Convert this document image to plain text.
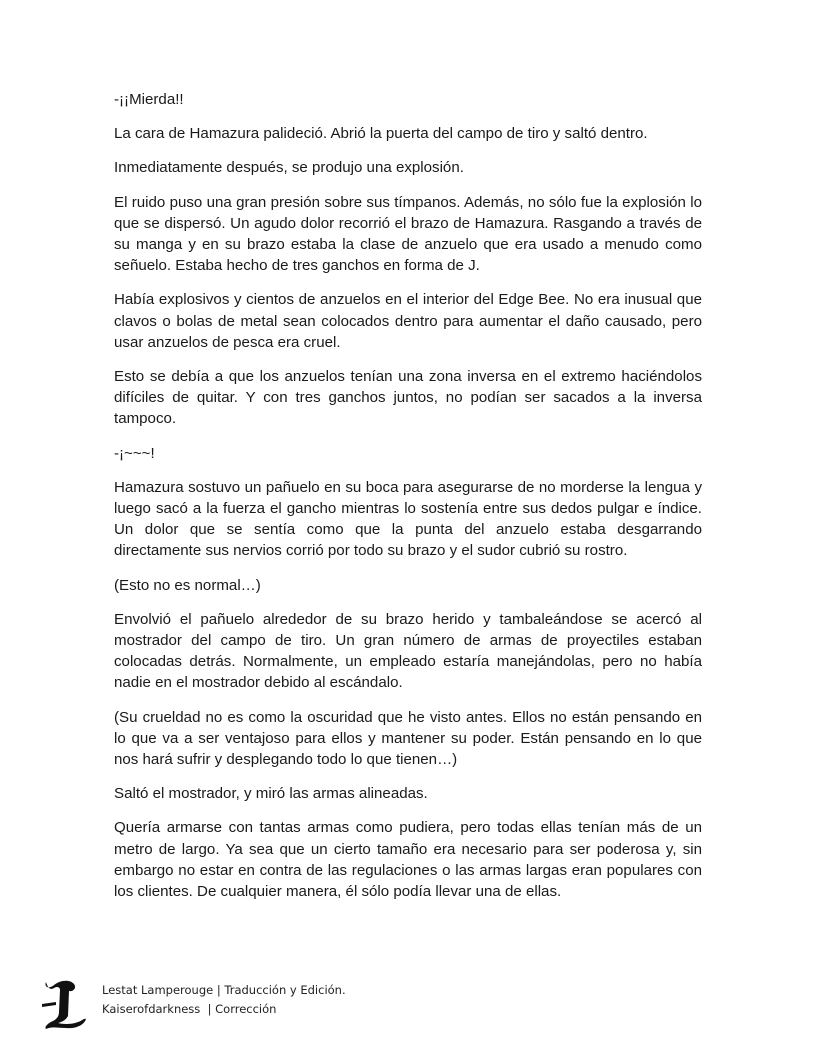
-¡¡Mierda!!

La cara de Hamazura palideció. Abrió la puerta del campo de tiro y saltó dentro.

Inmediatamente después, se produjo una explosión.

El ruido puso una gran presión sobre sus tímpanos. Además, no sólo fue la explosión lo que se dispersó. Un agudo dolor recorrió el brazo de Hamazura. Rasgando a través de su manga y en su brazo estaba la clase de anzuelo que era usado a menudo como señuelo. Estaba hecho de tres ganchos en forma de J.

Había explosivos y cientos de anzuelos en el interior del Edge Bee. No era inusual que clavos o bolas de metal sean colocados dentro para aumentar el daño causado, pero usar anzuelos de pesca era cruel.

Esto se debía a que los anzuelos tenían una zona inversa en el extremo haciéndolos difíciles de quitar. Y con tres ganchos juntos, no podían ser sacados a la inversa tampoco.

-¡~~~!

Hamazura sostuvo un pañuelo en su boca para asegurarse de no morderse la lengua y luego sacó a la fuerza el gancho mientras lo sostenía entre sus dedos pulgar e índice. Un dolor que se sentía como que la punta del anzuelo estaba desgarrando directamente sus nervios corrió por todo su brazo y el sudor cubrió su rostro.

(Esto no es normal…)

Envolvió el pañuelo alrededor de su brazo herido y tambaleándose se acercó al mostrador del campo de tiro. Un gran número de armas de proyectiles estaban colocadas detrás. Normalmente, un empleado estaría manejándolas, pero no había nadie en el mostrador debido al escándalo.

(Su crueldad no es como la oscuridad que he visto antes. Ellos no están pensando en lo que va a ser ventajoso para ellos y mantener su poder. Están pensando en lo que nos hará sufrir y desplegando todo lo que tienen…)

Saltó el mostrador, y miró las armas alineadas.

Quería armarse con tantas armas como pudiera, pero todas ellas tenían más de un metro de largo. Ya sea que un cierto tamaño era necesario para ser poderosa y, sin embargo no estar en contra de las regulaciones o las armas largas eran populares con los clientes. De cualquier manera, él sólo podía llevar una de ellas.

Lestat Lamperouge | Traducción y Edición.
Kaiserofdarkness  | Corrección
